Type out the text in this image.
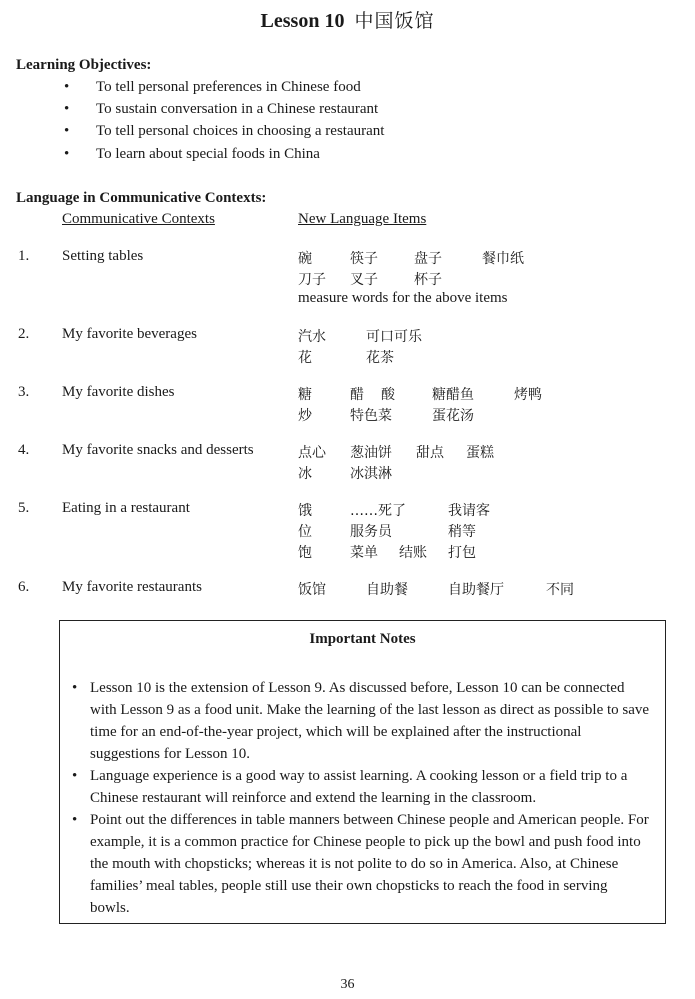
Lesson 10 中国饭馆
Learning Objectives:
• To tell personal preferences in Chinese food
• To sustain conversation in a Chinese restaurant
• To tell personal choices in choosing a restaurant
• To learn about special foods in China
Language in Communicative Contexts:
Communicative Contexts	New Language Items
1. Setting tables	碗	筷子	盘子	餐巾纸
刀子 叉子	杯子
measure words for the above items
2. My favorite beverages	汽水	可口可乐
花	花茶
3. My favorite dishes	糖	醋 酸	糖醋鱼	烤鸭
炒	特色菜	蛋花汤
4. My favorite snacks and desserts	点心 葱油饼 甜点 蛋糕
冰	冰淇淋
5. Eating in a restaurant	饿	……死了	我请客
位	服务员	稍等
饱	菜单 结账 打包
6. My favorite restaurants	饭馆	自助餐	自助餐厅	不同
Important Notes
• Lesson 10 is the extension of Lesson 9. As discussed before, Lesson 10 can be connected with Lesson 9 as a food unit. Make the learning of the last lesson as direct as possible to save time for an end-of-the-year project, which will be explained after the instructional suggestions for Lesson 10.
• Language experience is a good way to assist learning. A cooking lesson or a field trip to a Chinese restaurant will reinforce and extend the learning in the classroom.
• Point out the differences in table manners between Chinese people and American people. For example, it is a common practice for Chinese people to pick up the bowl and push food into the mouth with chopsticks; whereas it is not polite to do so in America. Also, at Chinese families’ meal tables, people still use their own chopsticks to reach the food in serving bowls.
36
